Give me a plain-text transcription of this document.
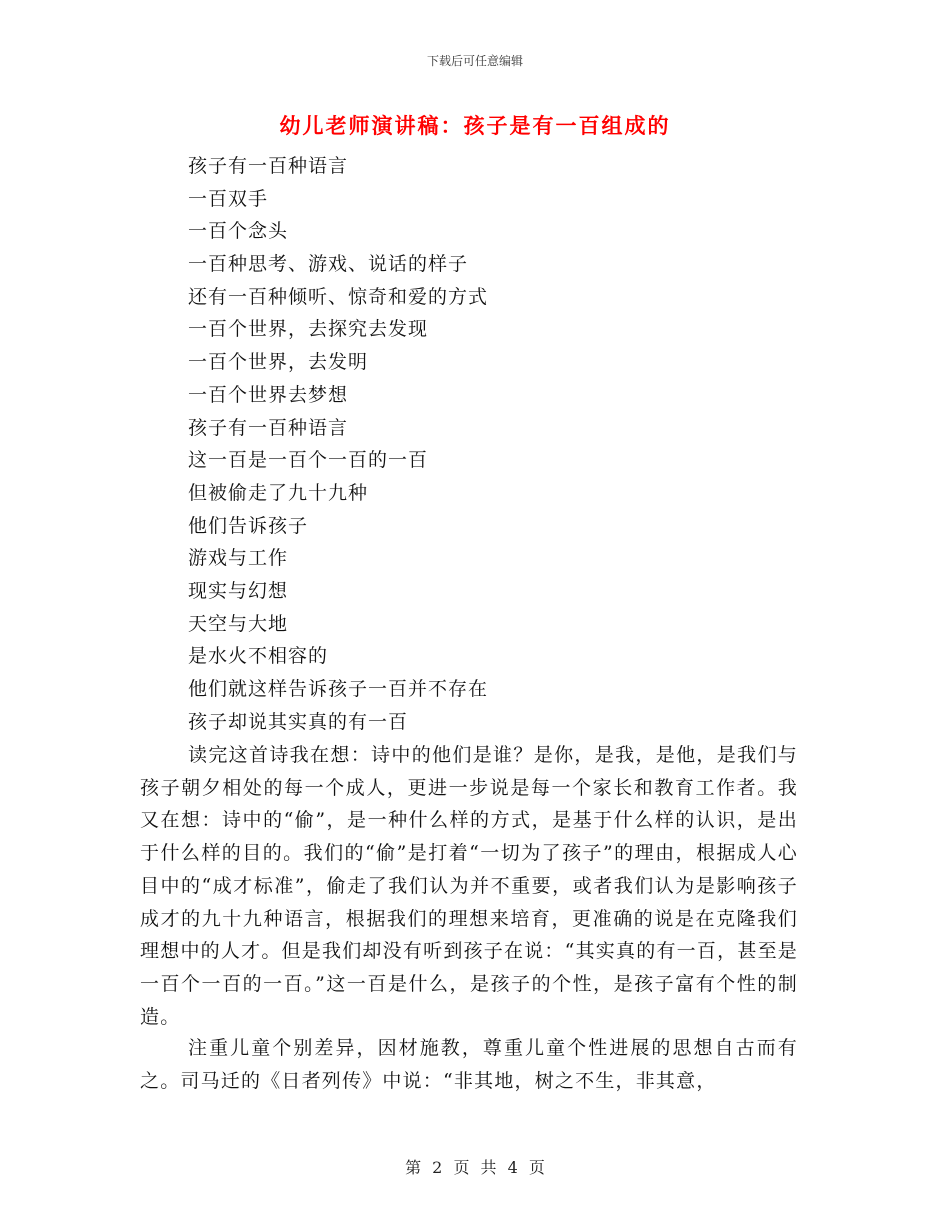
下载后可任意编辑
幼儿老师演讲稿：孩子是有一百组成的
孩子有一百种语言
一百双手
一百个念头
一百种思考、游戏、说话的样子
还有一百种倾听、惊奇和爱的方式
一百个世界，去探究去发现
一百个世界，去发明
一百个世界去梦想
孩子有一百种语言
这一百是一百个一百的一百
但被偷走了九十九种
他们告诉孩子
游戏与工作
现实与幻想
天空与大地
是水火不相容的
他们就这样告诉孩子一百并不存在
孩子却说其实真的有一百

读完这首诗我在想：诗中的他们是谁？是你，是我，是他，是我们与孩子朝夕相处的每一个成人，更进一步说是每一个家长和教育工作者。我又在想：诗中的“偷”，是一种什么样的方式，是基于什么样的认识，是出于什么样的目的。我们的“偷”是打着“一切为了孩子”的理由，根据成人心目中的“成才标准”，偷走了我们认为并不重要，或者我们认为是影响孩子成才的九十九种语言，根据我们的理想来培育，更准确的说是在克隆我们理想中的人才。但是我们却没有听到孩子在说：“其实真的有一百，甚至是一百个一百的一百。”这一百是什么，是孩子的个性，是孩子富有个性的制造。

注重儿童个别差异，因材施教，尊重儿童个性进展的思想自古而有之。司马迁的《日者列传》中说：“非其地，树之不生，非其意，

第 2 页 共 4 页
